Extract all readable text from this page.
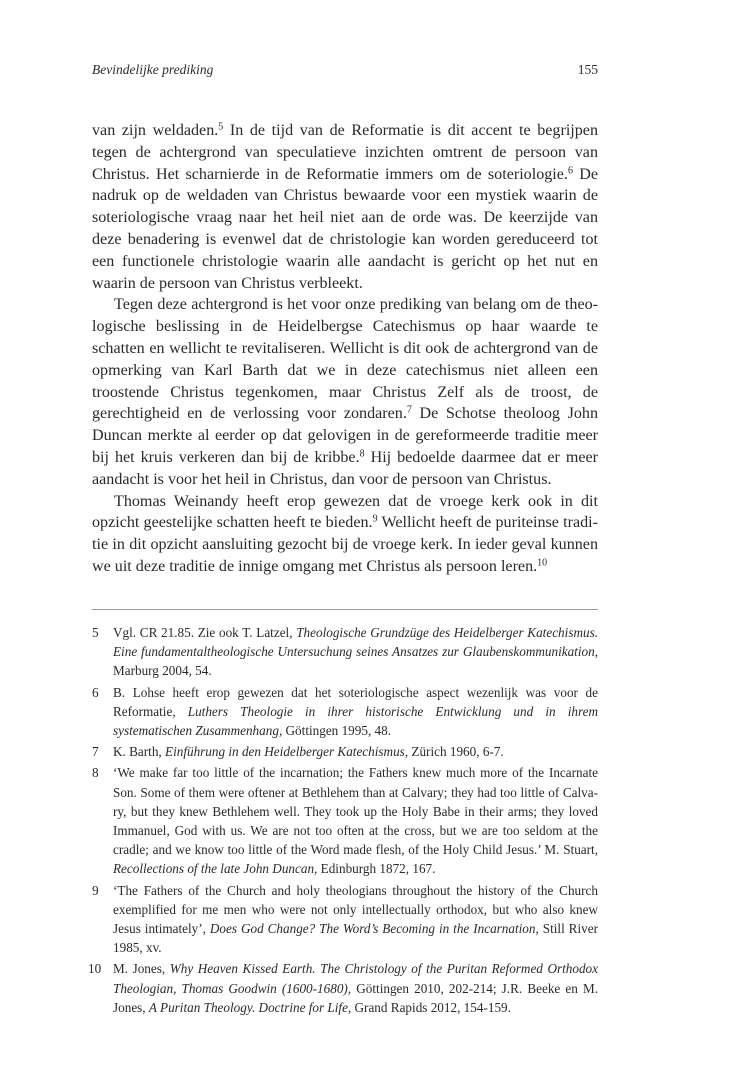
Bevindelijke prediking	155

van zijn weldaden.$^5$ In de tijd van de Reformatie is dit accent te begrijpen tegen de achtergrond van speculatieve inzichten omtrent de persoon van Christus. Het scharnierde in de Reformatie immers om de soteriologie.$^6$ De nadruk op de weldaden van Christus bewaarde voor een mystiek waarin de soteriologische vraag naar het heil niet aan de orde was. De keerzijde van deze benadering is evenwel dat de christologie kan worden gereduceerd tot een functionele christologie waarin alle aandacht is gericht op het nut en waarin de persoon van Christus verbleekt.

Tegen deze achtergrond is het voor onze prediking van belang om de theologische beslissing in de Heidelbergse Catechismus op haar waarde te schatten en wellicht te revitaliseren. Wellicht is dit ook de achtergrond van de opmerking van Karl Barth dat we in deze catechismus niet alleen een troostende Christus tegenkomen, maar Christus Zelf als de troost, de gerechtigheid en de verlossing voor zondaren.$^7$ De Schotse theoloog John Duncan merkte al eerder op dat gelovigen in de gereformeerde traditie meer bij het kruis verkeren dan bij de kribbe.$^8$ Hij bedoelde daarmee dat er meer aandacht is voor het heil in Christus, dan voor de persoon van Christus.

Thomas Weinandy heeft erop gewezen dat de vroege kerk ook in dit opzicht geestelijke schatten heeft te bieden.$^9$ Wellicht heeft de puriteinse traditie in dit opzicht aansluiting gezocht bij de vroege kerk. In ieder geval kunnen we uit deze traditie de innige omgang met Christus als persoon leren.$^{10}$

5	Vgl. CR 21.85. Zie ook T. Latzel, Theologische Grundzüge des Heidelberger Katechismus. Eine fundamentaltheologische Untersuchung seines Ansatzes zur Glaubenskommunikation, Marburg 2004, 54.
6	B. Lohse heeft erop gewezen dat het soteriologische aspect wezenlijk was voor de Reformatie, Luthers Theologie in ihrer historische Entwicklung und in ihrem systematischen Zusammenhang, Göttingen 1995, 48.
7	K. Barth, Einführung in den Heidelberger Katechismus, Zürich 1960, 6-7.
8	‘We make far too little of the incarnation; the Fathers knew much more of the Incarnate Son. Some of them were oftener at Bethlehem than at Calvary; they had too little of Calvary, but they knew Bethlehem well. They took up the Holy Babe in their arms; they loved Immanuel, God with us. We are not too often at the cross, but we are too seldom at the cradle; and we know too little of the Word made flesh, of the Holy Child Jesus.’ M. Stuart, Recollections of the late John Duncan, Edinburgh 1872, 167.
9	‘The Fathers of the Church and holy theologians throughout the history of the Church exemplified for me men who were not only intellectually orthodox, but who also knew Jesus intimately’, Does God Change? The Word’s Becoming in the Incarnation, Still River 1985, xv.
10 M. Jones, Why Heaven Kissed Earth. The Christology of the Puritan Reformed Orthodox Theologian, Thomas Goodwin (1600-1680), Göttingen 2010, 202-214; J.R. Beeke en M. Jones, A Puritan Theology. Doctrine for Life, Grand Rapids 2012, 154-159.
